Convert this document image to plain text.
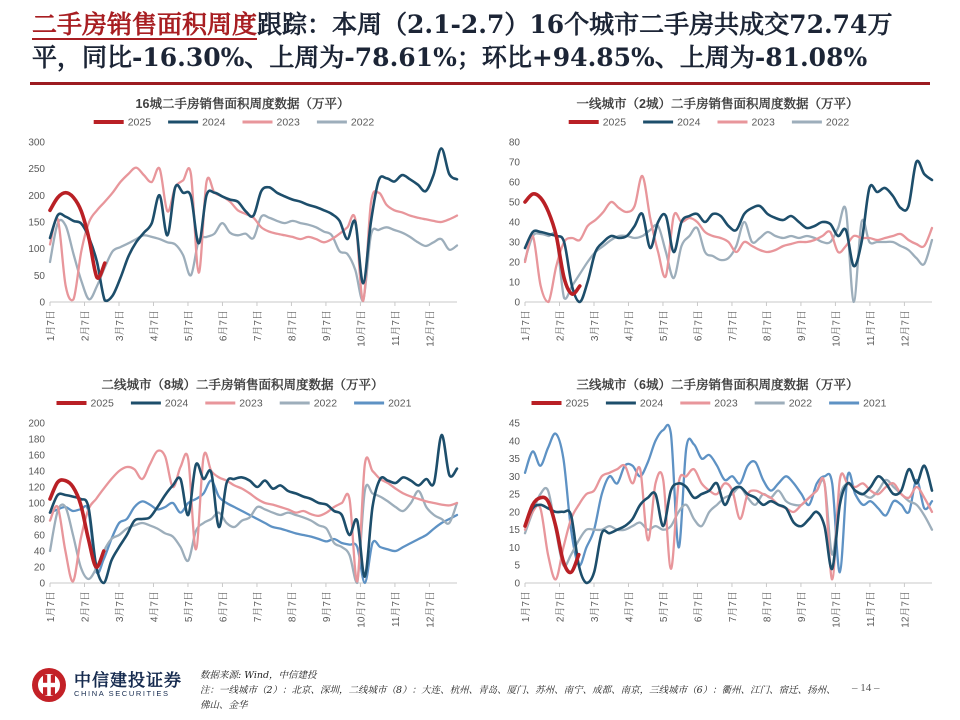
二手房销售面积周度跟踪：本周（2.1-2.7）16个城市二手房共成交72.74万平，同比-16.30%、上周为-78.61%；环比+94.85%、上周为-81.08%
16城二手房销售面积周度数据（万平）
2025	2024	2023	2022
0
50
100
150
200
250
300
1月7日 2月7日 3月7日 4月7日 5月7日 6月7日 7月7日 8月7日 9月7日 10月7日 11月7日 12月7日
一线城市（2城）二手房销售面积周度数据（万平）
2025	2024	2023	2022
0
10
20
30
40
50
60
70
80
1月7日 2月7日 3月7日 4月7日 5月7日 6月7日 7月7日 8月7日 9月7日 10月7日 11月7日 12月7日
二线城市（8城）二手房销售面积周度数据（万平）
2025	2024	2023	2022	2021
0
20
40
60
80
100
120
140
160
180
200
1月7日 2月7日 3月7日 4月7日 5月7日 6月7日 7月7日 8月7日 9月7日 10月7日 11月7日 12月7日
三线城市（6城）二手房销售面积周度数据（万平）
2025	2024	2023	2022	2021
0
5
10
15
20
25
30
35
40
45
1月7日 2月7日 3月7日 4月7日 5月7日 6月7日 7月7日 8月7日 9月7日 10月7日 11月7日 12月7日
中信建投证券
CHINA SECURITIES
数据来源: Wind，中信建投
注：一线城市（2）：北京、深圳，二线城市（8）：大连、杭州、青岛、厦门、苏州、南宁、成都、南京，三线城市（6）：衢州、江门、宿迁、扬州、佛山、金华
– 14 –
